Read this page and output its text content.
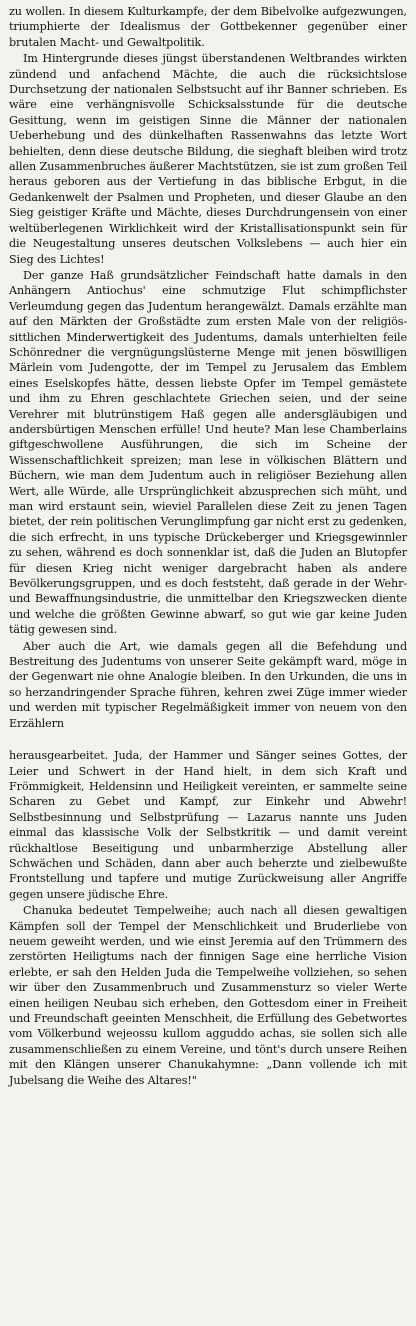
zu wollen. In diesem Kulturkampfe, der dem Bibelvolke aufgezwungen, triumphierte der Idealismus der Gottbekenner gegenüber einer brutalen Macht- und Gewaltpolitik.

Im Hintergrunde dieses jüngst überstandenen Weltbrandes wirkten zündend und anfachend Mächte, die auch die rücksichtslose Durchsetzung der nationalen Selbstsucht auf ihr Banner schrieben. Es wäre eine verhängnisvolle Schicksalsstunde für die deutsche Gesittung, wenn im geistigen Sinne die Männer der nationalen Ueberhebung und des dünkelhaften Rassenwahns das letzte Wort behielten, denn diese deutsche Bildung, die sieghaft bleiben wird trotz allen Zusammenbruches äußerer Machtstützen, sie ist zum großen Teil heraus geboren aus der Vertiefung in das biblische Erbgut, in die Gedankenwelt der Psalmen und Propheten, und dieser Glaube an den Sieg geistiger Kräfte und Mächte, dieses Durchdrungensein von einer weltüberlegenen Wirklichkeit wird der Kristallisationspunkt sein für die Neugestaltung unseres deutschen Volkslebens — auch hier ein Sieg des Lichtes!

Der ganze Haß grundsätzlicher Feindschaft hatte damals in den Anhängern Antiochus' eine schmutzige Flut schimpflichster Verleumdung gegen das Judentum herangewälzt. Damals erzählte man auf den Märkten der Großstädte zum ersten Male von der religiös-sittlichen Minderwertigkeit des Judentums, damals unterhielten feile Schönredner die vergnügungslüsterne Menge mit jenen böswilligen Märlein vom Judengotte, der im Tempel zu Jerusalem das Emblem eines Eselskopfes hätte, dessen liebste Opfer im Tempel gemästete und ihm zu Ehren geschlachtete Griechen seien, und der seine Verehrer mit blutrünstigem Haß gegen alle andersgläubigen und andersbürtigen Menschen erfülle! Und heute? Man lese Chamberlains giftgeschwollene Ausführungen, die sich im Scheine der Wissenschaftlichkeit spreizen; man lese in völkischen Blättern und Büchern, wie man dem Judentum auch in religiöser Beziehung allen Wert, alle Würde, alle Ursprünglichkeit abzusprechen sich müht, und man wird erstaunt sein, wieviel Parallelen diese Zeit zu jenen Tagen bietet, der rein politischen Verunglimpfung gar nicht erst zu gedenken, die sich erfrecht, in uns typische Drückeberger und Kriegsgewinnler zu sehen, während es doch sonnenklar ist, daß die Juden an Blutopfer für diesen Krieg nicht weniger dargebracht haben als andere Bevölkerungsgruppen, und es doch feststeht, daß gerade in der Wehr- und Bewaffnungsindustrie, die unmittelbar den Kriegszwecken diente und welche die größten Gewinne abwarf, so gut wie gar keine Juden tätig gewesen sind.

Aber auch die Art, wie damals gegen all die Befehdung und Bestreitung des Judentums von unserer Seite gekämpft ward, möge in der Gegenwart nie ohne Analogie bleiben. In den Urkunden, die uns in so herzandringender Sprache führen, kehren zwei Züge immer wieder und werden mit typischer Regelmäßigkeit immer von neuem von den Erzählern

herausgearbeitet. Juda, der Hammer und Sänger seines Gottes, der Leier und Schwert in der Hand hielt, in dem sich Kraft und Frömmigkeit, Heldensinn und Heiligkeit vereinten, er sammelte seine Scharen zu Gebet und Kampf, zur Einkehr und Abwehr! Selbstbesinnung und Selbstprüfung — Lazarus nannte uns Juden einmal das klassische Volk der Selbstkritik — und damit vereint rückhaltlose Beseitigung und unbarmherzige Abstellung aller Schwächen und Schäden, dann aber auch beherzte und zielbewußte Frontstellung und tapfere und mutige Zurückweisung aller Angriffe gegen unsere jüdische Ehre.

Chanuka bedeutet Tempelweihe; auch nach all diesen gewaltigen Kämpfen soll der Tempel der Menschlichkeit und Bruderliebe von neuem geweiht werden, und wie einst Jeremia auf den Trümmern des zerstörten Heiligtums nach der finnigen Sage eine herrliche Vision erlebte, er sah den Helden Juda die Tempelweihe vollziehen, so sehen wir über den Zusammenbruch und Zusammensturz so vieler Werte einen heiligen Neubau sich erheben, den Gottesdom einer in Freiheit und Freundschaft geeinten Menschheit, die Erfüllung des Gebetwortes vom Völkerbund wejeossu kullom agguddo achas, sie sollen sich alle zusammenschließen zu einem Vereine, und tönt's durch unsere Reihen mit den Klängen unserer Chanukahymne: „Dann vollende ich mit Jubelsang die Weihe des Altares!"
